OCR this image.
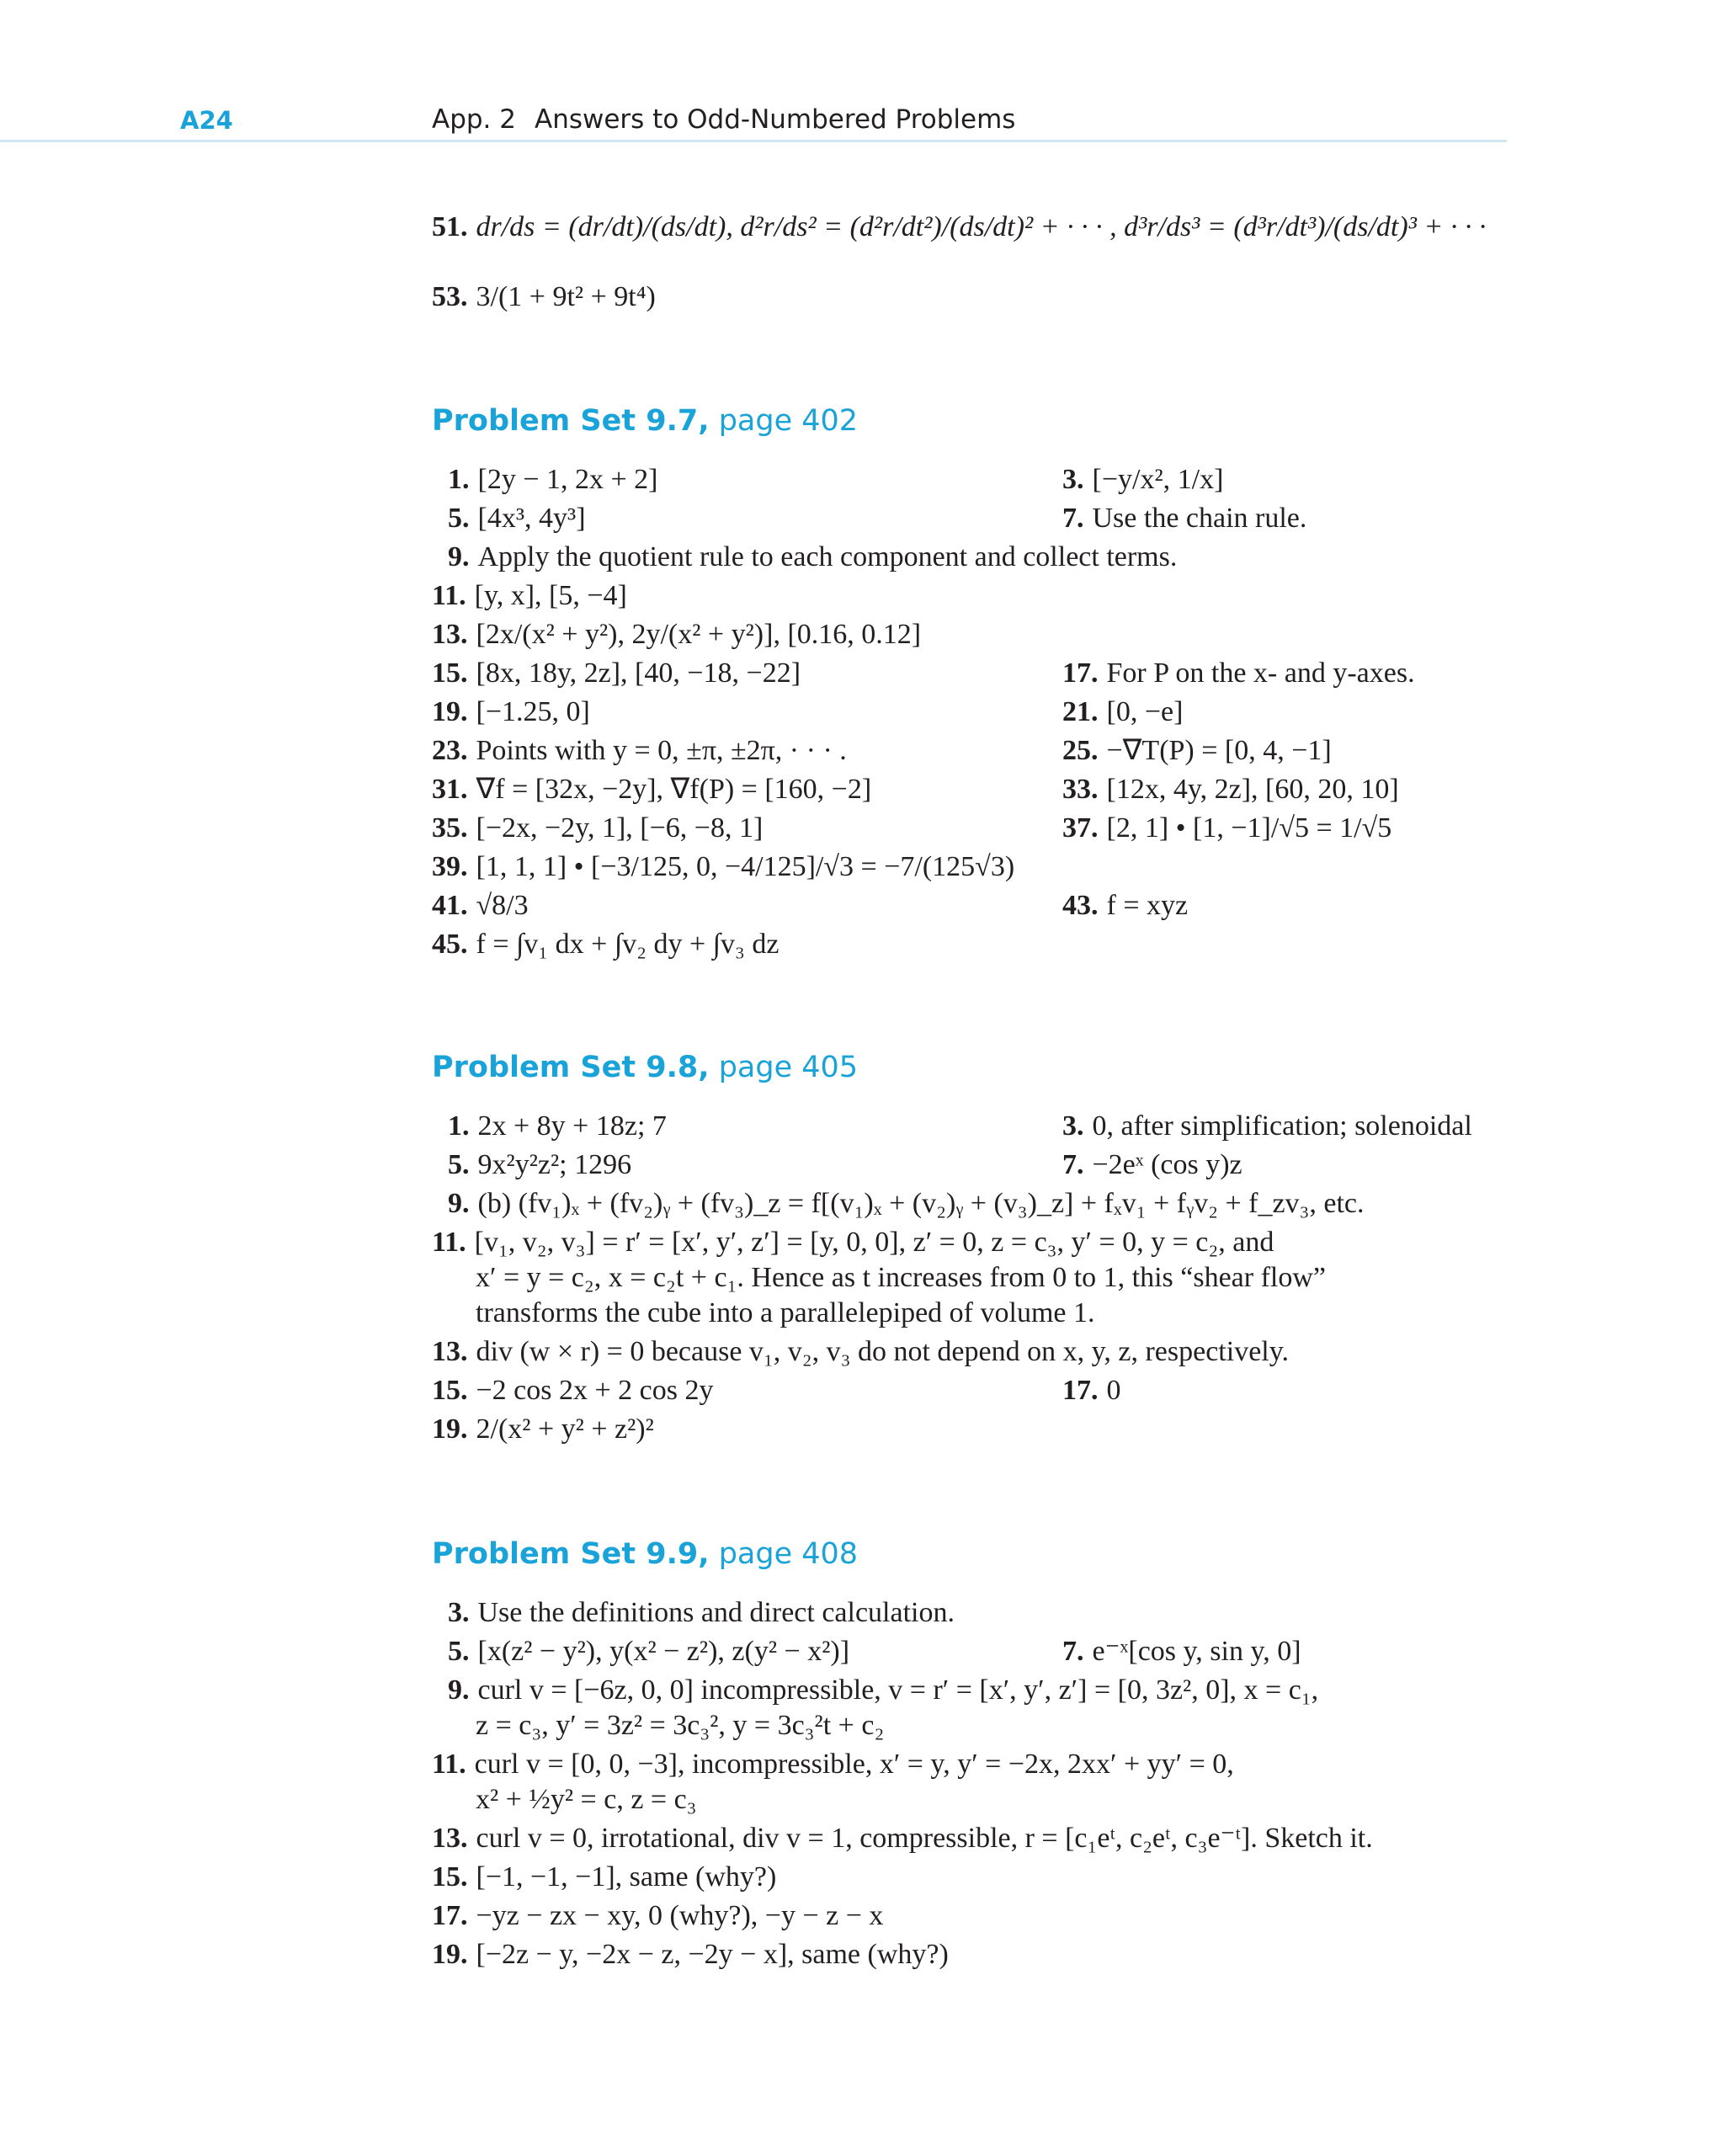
A24	App. 2 Answers to Odd-Numbered Problems
51. dr/ds = (dr/dt)/(ds/dt), d²r/ds² = (d²r/dt²)/(ds/dt)² + · · · , d³r/ds³ = (d³r/dt³)/(ds/dt)³ + · · ·
53. 3/(1 + 9t² + 9t⁴)
Problem Set 9.7, page 402
1. [2y − 1, 2x + 2]	3. [−y/x², 1/x]
5. [4x³, 4y³]	7. Use the chain rule.
9. Apply the quotient rule to each component and collect terms.
11. [y, x], [5, −4]
13. [2x/(x² + y²), 2y/(x² + y²)], [0.16, 0.12]
15. [8x, 18y, 2z], [40, −18, −22]	17. For P on the x- and y-axes.
19. [−1.25, 0]	21. [0, −e]
23. Points with y = 0, ±π, ±2π, · · · .	25. −∇T(P) = [0, 4, −1]
31. ∇f = [32x, −2y], ∇f(P) = [160, −2]	33. [12x, 4y, 2z], [60, 20, 10]
35. [−2x, −2y, 1], [−6, −8, 1]	37. [2, 1] • [1, −1]/√5 = 1/√5
39. [1, 1, 1] • [−3/125, 0, −4/125]/√3 = −7/(125√3)
41. √8/3	43. f = xyz
45. f = ∫v₁ dx + ∫v₂ dy + ∫v₃ dz
Problem Set 9.8, page 405
1. 2x + 8y + 18z; 7	3. 0, after simplification; solenoidal
5. 9x²y²z²; 1296	7. −2eˣ (cos y)z
9. (b) (fv₁)ₓ + (fv₂)ᵧ + (fv₃)_z = f[(v₁)ₓ + (v₂)ᵧ + (v₃)_z] + fₓv₁ + fᵧv₂ + f_zv₃, etc.
11. [v₁, v₂, v₃] = r′ = [x′, y′, z′] = [y, 0, 0], z′ = 0, z = c₃, y′ = 0, y = c₂, and
x′ = y = c₂, x = c₂t + c₁. Hence as t increases from 0 to 1, this “shear flow”
transforms the cube into a parallelepiped of volume 1.
13. div (w × r) = 0 because v₁, v₂, v₃ do not depend on x, y, z, respectively.
15. −2 cos 2x + 2 cos 2y	17. 0
19. 2/(x² + y² + z²)²
Problem Set 9.9, page 408
3. Use the definitions and direct calculation.
5. [x(z² − y²), y(x² − z²), z(y² − x²)]	7. e⁻ˣ[cos y, sin y, 0]
9. curl v = [−6z, 0, 0] incompressible, v = r′ = [x′, y′, z′] = [0, 3z², 0], x = c₁,
z = c₃, y′ = 3z² = 3c₃², y = 3c₃²t + c₂
11. curl v = [0, 0, −3], incompressible, x′ = y, y′ = −2x, 2xx′ + yy′ = 0,
x² + ½y² = c, z = c₃
13. curl v = 0, irrotational, div v = 1, compressible, r = [c₁eᵗ, c₂eᵗ, c₃e⁻ᵗ]. Sketch it.
15. [−1, −1, −1], same (why?)
17. −yz − zx − xy, 0 (why?), −y − z − x
19. [−2z − y, −2x − z, −2y − x], same (why?)
